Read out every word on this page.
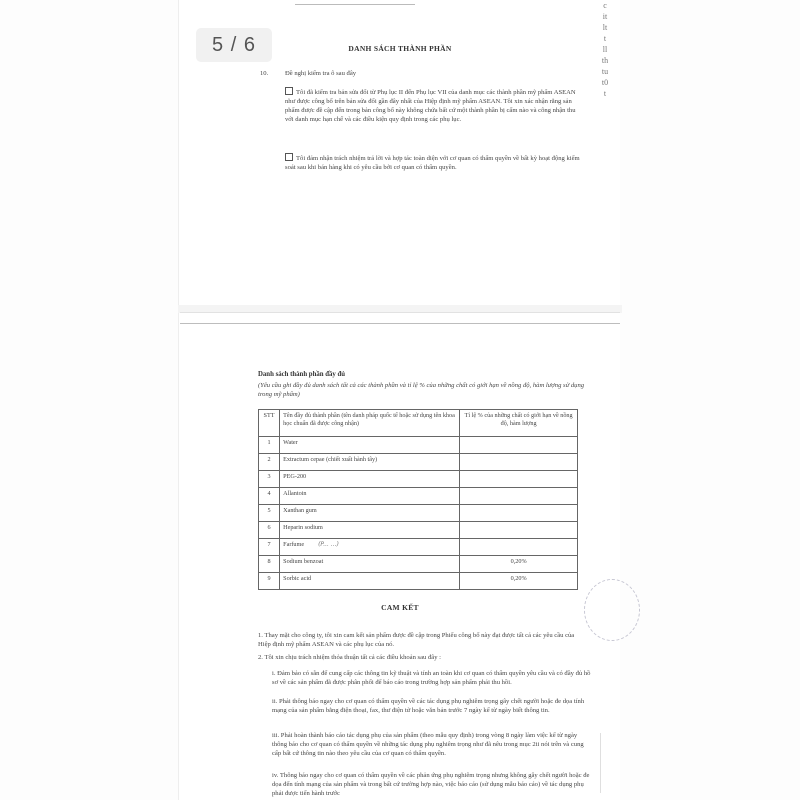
DANH SÁCH THÀNH PHẦN
10.	Đề nghị kiểm tra ô sau đây
Tôi đã kiểm tra bản sửa đổi từ Phụ lục II đến Phụ lục VII của danh mục các thành phần mỹ phẩm ASEAN như được công bố trên bản sửa đổi gần đây nhất của Hiệp định mỹ phẩm ASEAN. Tôi xin xác nhận rằng sản phẩm được đề cập đến trong bản công bố này không chứa bất cứ một thành phần bị cấm nào và công nhận thu với danh mục hạn chế và các điều kiện quy định trong các phụ lục.
Tôi đảm nhận trách nhiệm trả lời và hợp tác toàn diện với cơ quan có thẩm quyền về bất kỳ hoạt động kiểm soát sau khi bán hàng khi có yêu cầu bởi cơ quan có thẩm quyền.
c
it
lt
t
ll
th
tu
t0
t
5 / 6
Danh sách thành phần đầy đủ
(Yêu cầu ghi đầy đủ danh sách tất cả các thành phần và tỉ lệ % của những chất có giới hạn về nồng độ, hàm lượng sử dụng trong mỹ phẩm)
STT	Tên đầy đủ thành phần (tên danh pháp quốc tế hoặc sử dụng tên khoa học chuẩn đã được công nhận)	Tỉ lệ % của những chất có giới hạn về nồng độ, hàm lượng
1	Water	
2	Extractum cepae (chiết xuất hành tây)	
3	PEG-200	
4	Allantoin	
5	Xanthan gum	
6	Heparin sodium	
7	Farfume (P... ...)	
8	Sodium benzoat	0,20%
9	Sorbic acid	0,20%
CAM KẾT
1. Thay mặt cho công ty, tôi xin cam kết sản phẩm được đề cập trong Phiếu công bố này đạt được tất cả các yêu cầu của Hiệp định mỹ phẩm ASEAN và các phụ lục của nó.
2. Tôi xin chịu trách nhiệm thỏa thuận tất cả các điều khoản sau đây :
i. Đảm bảo có sẵn để cung cấp các thông tin kỹ thuật và tính an toàn khi cơ quan có thẩm quyền yêu cầu và có đầy đủ hồ sơ về các sản phẩm đã được phân phối để báo cáo trong trường hợp sản phẩm phải thu hồi.
ii. Phải thông báo ngay cho cơ quan có thẩm quyền về các tác dụng phụ nghiêm trọng gây chết người hoặc đe dọa tính mạng của sản phẩm bằng điện thoại, fax, thư điện tử hoặc văn bản trước 7 ngày kể từ ngày biết thông tin.
iii. Phải hoàn thành báo cáo tác dụng phụ của sản phẩm (theo mẫu quy định) trong vòng 8 ngày làm việc kể từ ngày thông báo cho cơ quan có thẩm quyền về những tác dụng phụ nghiêm trọng như đã nêu trong mục 2ii nói trên và cung cấp bất cứ thông tin nào theo yêu cầu của cơ quan có thẩm quyền.
iv. Thông báo ngay cho cơ quan có thẩm quyền về các phản ứng phụ nghiêm trọng nhưng không gây chết người hoặc đe dọa đến tính mạng của sản phẩm và trong bất cứ trường hợp nào, việc báo cáo (sử dụng mẫu báo cáo) về tác dụng phụ phải được tiến hành trước
